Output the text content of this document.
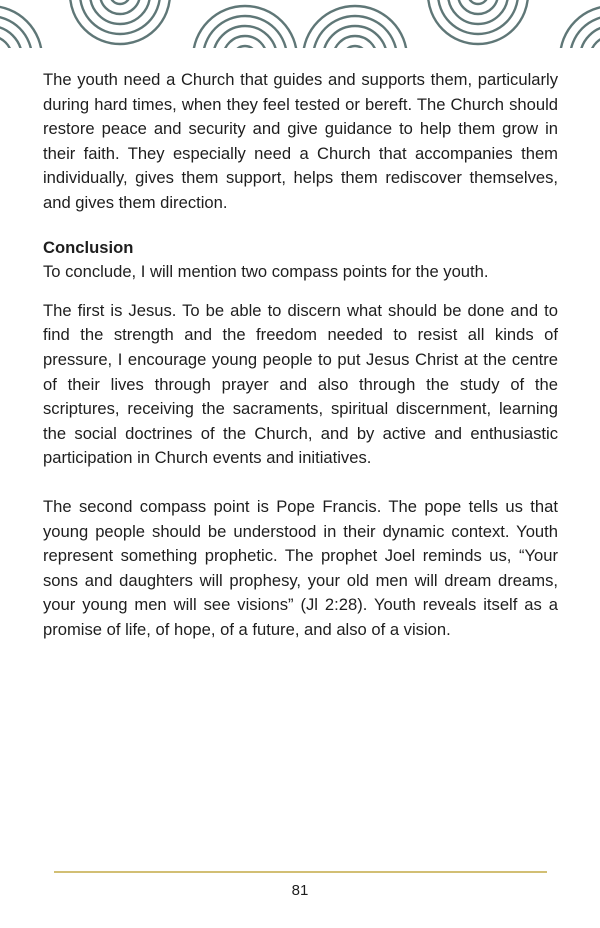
The youth need a Church that guides and supports them, particularly during hard times, when they feel tested or bereft. The Church should restore peace and security and give guidance to help them grow in their faith. They especially need a Church that accompanies them individually, gives them support, helps them rediscover themselves, and gives them direction.

Conclusion

To conclude, I will mention two compass points for the youth.

The first is Jesus. To be able to discern what should be done and to find the strength and the freedom needed to resist all kinds of pressure, I encourage young people to put Jesus Christ at the centre of their lives through prayer and also through the study of the scriptures, receiving the sacraments, spiritual discernment, learning the social doctrines of the Church, and by active and enthusiastic participation in Church events and initiatives.

The second compass point is Pope Francis. The pope tells us that young people should be understood in their dynamic context. Youth represent something prophetic. The prophet Joel reminds us, “Your sons and daughters will prophesy, your old men will dream dreams, your young men will see visions” (Jl 2:28). Youth reveals itself as a promise of life, of hope, of a future, and also of a vision.

81
